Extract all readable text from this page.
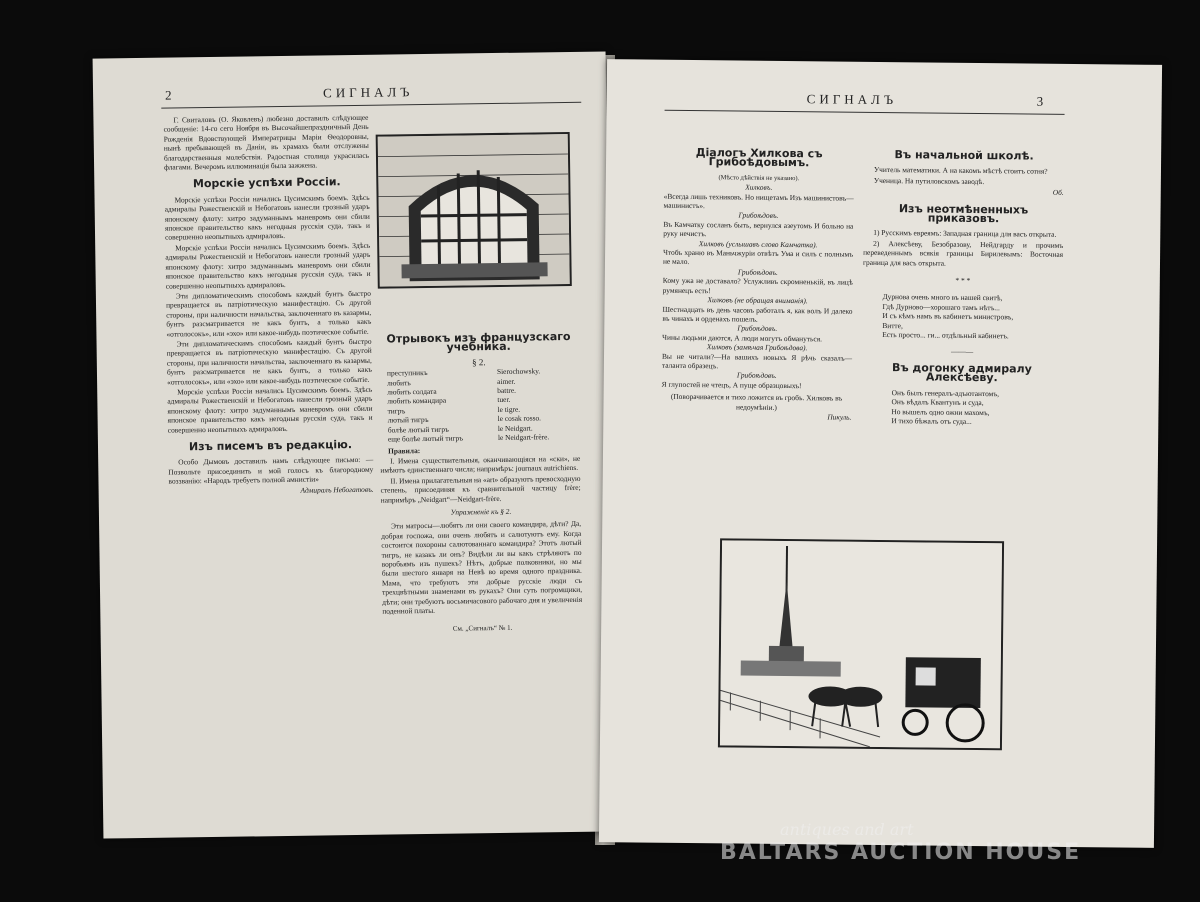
2	СИГНАЛЪ

Г. Свиталовъ (О. Яковлевъ) любезно доставилъ слѣдующее сообщеніе: 14-го сего Ноября въ Высочайшепраздничный День Рожденія Вдовствующей Императрицы Маріи Ѳеодоровны, нынѣ пребывающей въ Даніи, въ храмахъ были отслужены благодарственныя молебствія. Радостная столица украсилась флагами. Вечеромъ иллюминація была зажжена.

Морскіе успѣхи Россіи.

Морскіе успѣхи Россіи начались Цусимскимъ боемъ. Здѣсь адмиралы Рожественскій и Небогатовъ нанесли грозный ударъ японскому флоту: хитро задуманнымъ маневромъ они сбили японское правительство какъ негодныя русскія суда, такъ и совершенно неопытныхъ адмираловъ.

Морскіе успѣхи Россіи начались Цусимскимъ боемъ. Здѣсь адмиралы Рожественскій и Небогатовъ нанесли грозный ударъ японскому флоту: хитро задуманнымъ маневромъ они сбили японское правительство какъ негодныя русскія суда, такъ и совершенно неопытныхъ адмираловъ.

Эти дипломатическимъ способомъ каждый бунтъ быстро превращается въ патріотическую манифестацію. Съ другой стороны, при наличности начальства, заключеннаго въ казармы, бунтъ разсматривается не какъ бунтъ, а только какъ «отголосокъ», или «эхо» или какое-нибудь поэтическое событіе.

Эти дипломатическимъ способомъ каждый бунтъ быстро превращается въ патріотическую манифестацію. Съ другой стороны, при наличности начальства, заключеннаго въ казармы, бунтъ разсматривается не какъ бунтъ, а только какъ «отголосокъ», или «эхо» или какое-нибудь поэтическое событіе.

Морскіе успѣхи Россіи начались Цусимскимъ боемъ. Здѣсь адмиралы Рожественскій и Небогатовъ нанесли грозный ударъ японскому флоту: хитро задуманнымъ маневромъ они сбили японское правительство какъ негодныя русскія суда, такъ и совершенно неопытныхъ адмираловъ.

Изъ писемъ въ редакцію.

Особо Дымовъ доставилъ намъ слѣдующее письмо: — Позвольте присоединить и мой голосъ къ благородному воззванію: «Народъ требуетъ полной амнистіи»

Адмиралъ Небогатовъ.
Отрывокъ изъ французскаго учебника.
§ 2.
преступникъ	Sierochowsky.
любить	aimer.
любить солдата	battre.
любить командира	tuer.
тигръ	le tigre.
лютый тигръ	le cosak rosso.
болѣе лютый тигръ	le Neidgart.
еще болѣе лютый тигръ	le Neidgart-frère.
Правила:

I. Имена существительныя, оканчивающіяся на «ски», не имѣютъ единственнаго числа; напримѣръ: journaux autrichiens.

II. Имена прилагательныя на «art» образуютъ превосходную степень, присоединяя къ сравнительной частицу frère; напримѣръ „Neidgart“—Neidgart-frère.

Упражненіе къ § 2.

Эти матросы—любятъ ли они своего командира, дѣти? Да, добрая госпожа, они очень любятъ и салютуютъ ему. Когда состоится похороны салютованнаго командира? Этотъ лютый тигръ, не казакъ ли онъ? Видѣли ли вы какъ стрѣляютъ по воробьямъ изъ пушекъ? Нѣтъ, добрые полковники, но мы были шестого января на Невѣ во время одного праздника. Мама, что требуютъ эти добрые русскіе люди съ трехцвѣтными знаменами въ рукахъ? Они суть погромщики, дѣти; они требуютъ восьмичасового рабочаго дня и увеличенія поденной платы.

См. „Сигналъ“ № 1.
СИГНАЛЪ	3
Діалогъ Хилкова съ Грибоѣдовымъ.
(Мѣсто дѣйствія не указано).
Хилковъ.
«Всегда лишь техниковъ. Но нищетамъ Изъ машинистовъ—машинистъ».
Грибоѣдовъ.
Въ Камчатку сосланъ быть, вернулся азеутомъ И больно на руку нечистъ.
Хилковъ (услышавъ слово Камчатка).
Чтобъ храню въ Маньчжуріи отвѣтъ Ума и силъ с полнымъ не мало.
Грибоѣдовъ.
Кому ужа не доставало? Услужливъ скромненькій, въ лицѣ румянецъ есть!
Хилковъ (не обращая вниманія).
Шестнадцать въ день часовъ работалъ я, как волъ И далеко въ чинахъ и орденахъ пошелъ.
Грибоѣдовъ.
Чины людьми даются, А люди могутъ обмануться.
Хилковъ (замѣчая Грибоѣдова).
Вы не читали?—На вашихъ новыхъ Я рѣчь сказалъ—таланта образецъ.
Грибоѣдовъ.
Я глупостей не чтецъ, А пуще образцовыхъ!
(Поворачивается и тихо ложится въ гробъ. Хилковъ въ недоумѣніи.)
Пикуль.
Въ начальной школѣ.

Учитель математики. А на какомъ мѣстѣ стоитъ сотня?

Ученица. На путиловскомъ заводѣ.

Об.
Изъ неотмѣненныхъ приказовъ.

1) Русскимъ евреямъ: Западная граница для васъ открыта.

2) Алексѣеву, Безобразову, Нейдгарду и прочимъ переведеннымъ всякія границы Бирилевымъ: Восточная граница для васъ открыта.

* * *
Дурнова очень много въ нашей свитѣ,
Гдѣ Дурново—хорошаго тамъ нѣтъ...
И съ кѣмъ намъ въ кабинетъ министровъ,
Витте,
Есть просто... ги... отдѣльный кабинетъ.
———
Въ догонку адмиралу Алексѣеву.
Онъ былъ генералъ-адъютантомъ,
Онъ вѣдалъ Квантунъ и суда,
Но вышелъ одно ожни махомъ,
И тихо бѣжалъ отъ суда...
antiques and art
BALTARS AUCTION HOUSE
